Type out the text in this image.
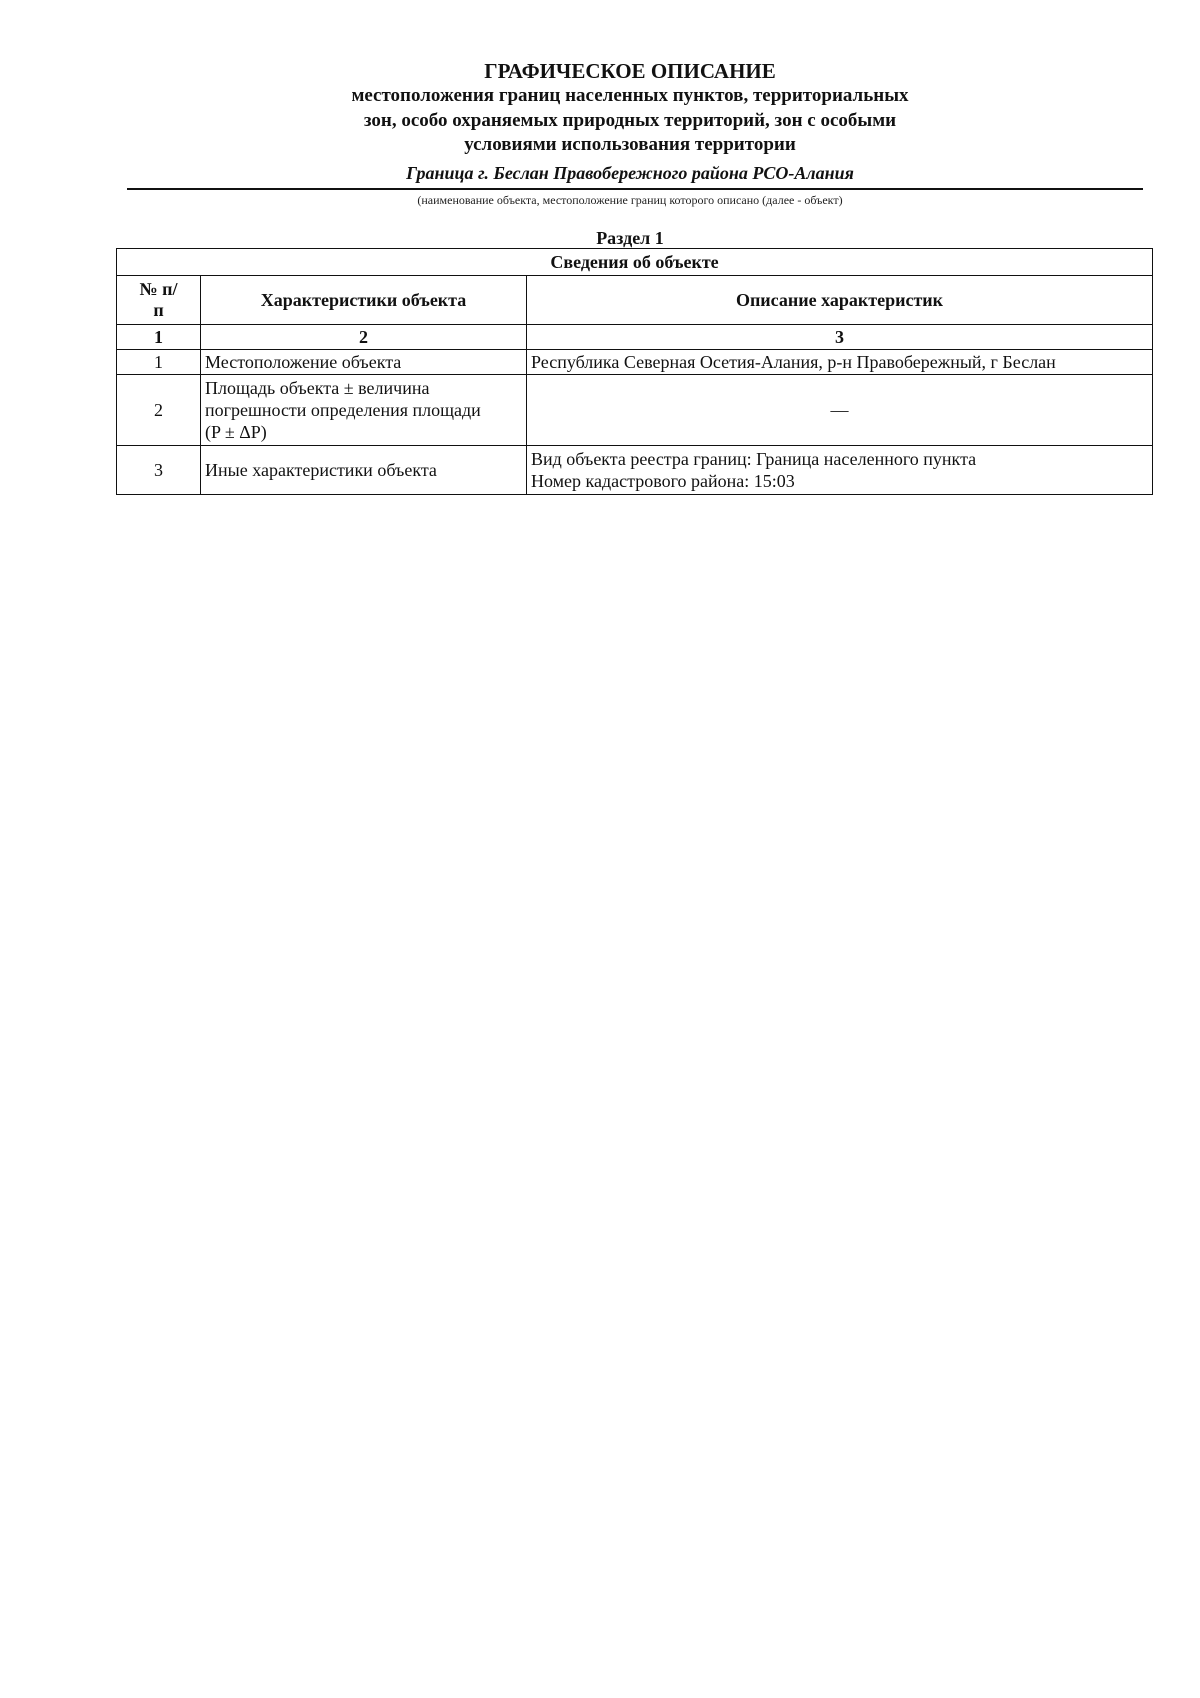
ГРАФИЧЕСКОЕ ОПИСАНИЕ
местоположения границ населенных пунктов, территориальных
зон, особо охраняемых природных территорий, зон с особыми
условиями использования территории
Граница г. Беслан Правобережного района РСО-Алания
(наименование объекта, местоположение границ которого описано (далее - объект)
Раздел 1
Сведения об объекте		
№ п/п	Характеристики объекта	Описание характеристик
1	2	3
1	Местоположение объекта	Республика Северная Осетия-Алания, р-н Правобережный, г Беслан

2	Площадь объекта ± величина
погрешности определения площади
(P ± ΔP)	—
3	Иные характеристики объекта	Вид объекта реестра границ: Граница населенного пункта
Номер кадастрового района: 15:03
